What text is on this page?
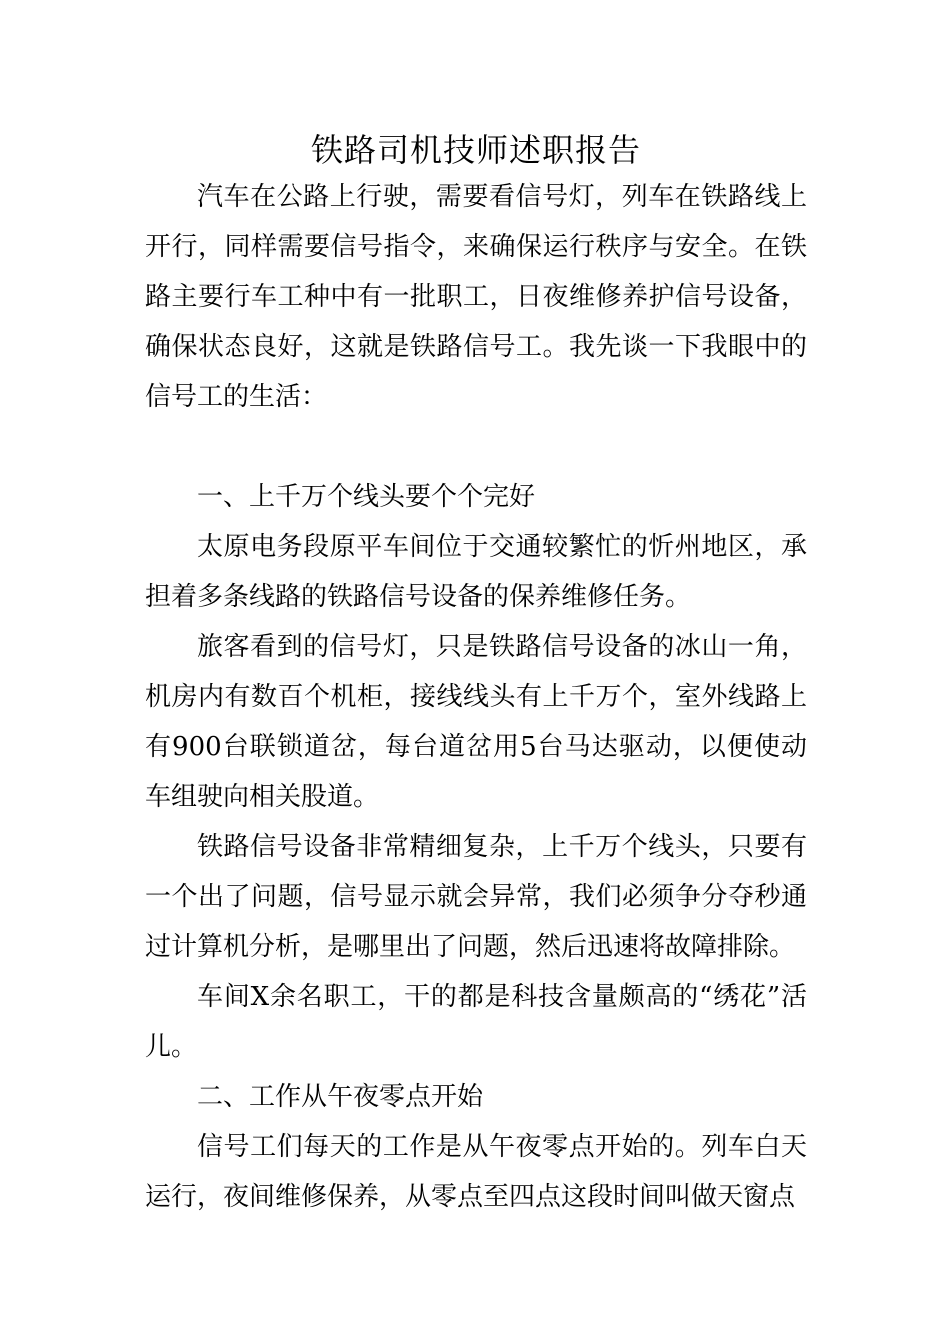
铁路司机技师述职报告

汽车在公路上行驶，需要看信号灯，列车在铁路线上开行，同样需要信号指令，来确保运行秩序与安全。在铁路主要行车工种中有一批职工，日夜维修养护信号设备，确保状态良好，这就是铁路信号工。我先谈一下我眼中的信号工的生活：

一、上千万个线头要个个完好

太原电务段原平车间位于交通较繁忙的忻州地区，承担着多条线路的铁路信号设备的保养维修任务。

旅客看到的信号灯，只是铁路信号设备的冰山一角，机房内有数百个机柜，接线线头有上千万个，室外线路上有900台联锁道岔，每台道岔用5台马达驱动，以便使动车组驶向相关股道。

铁路信号设备非常精细复杂，上千万个线头，只要有一个出了问题，信号显示就会异常，我们必须争分夺秒通过计算机分析，是哪里出了问题，然后迅速将故障排除。

车间X余名职工，干的都是科技含量颇高的“绣花”活儿。

二、工作从午夜零点开始

信号工们每天的工作是从午夜零点开始的。列车白天运行，夜间维修保养，从零点至四点这段时间叫做天窗点
